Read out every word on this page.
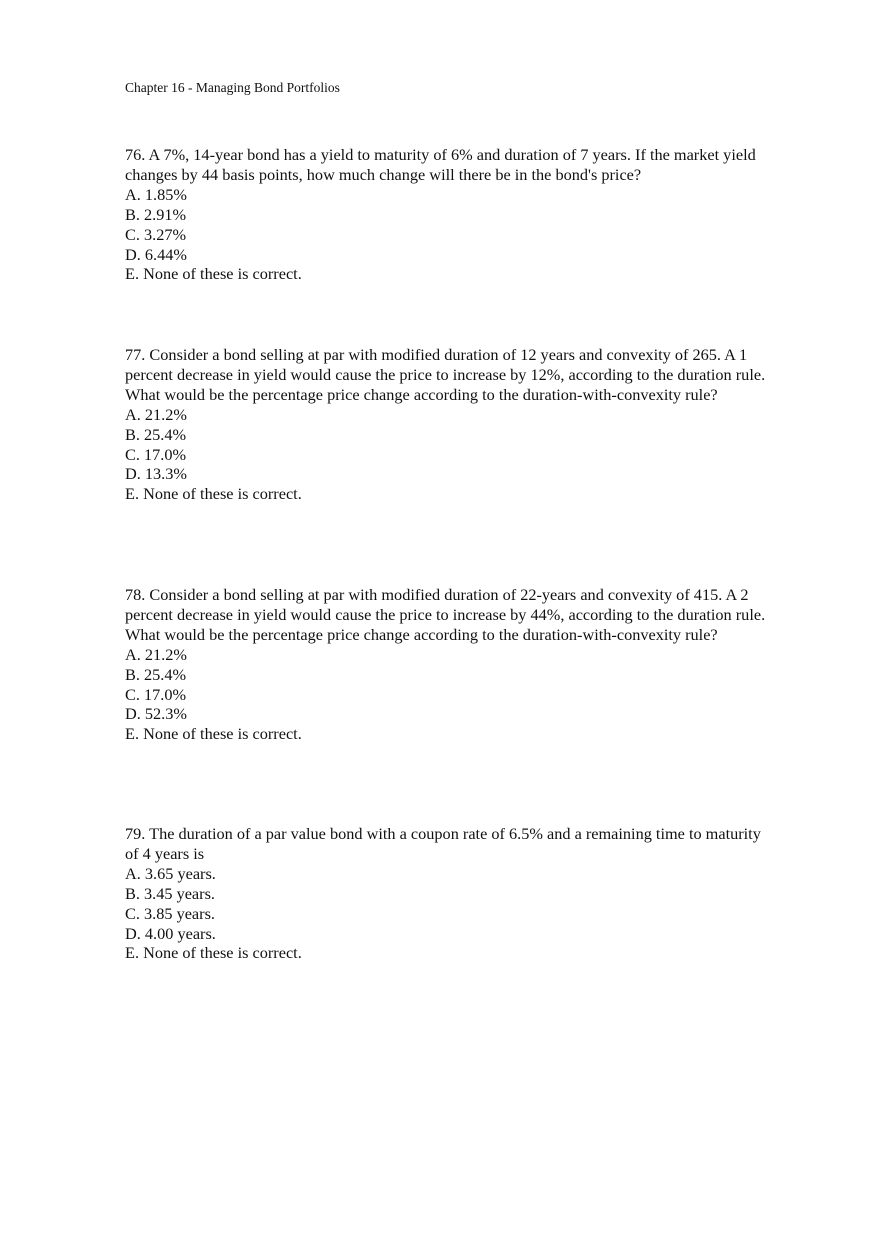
Chapter 16 - Managing Bond Portfolios

76. A 7%, 14-year bond has a yield to maturity of 6% and duration of 7 years. If the market yield changes by 44 basis points, how much change will there be in the bond's price?

A. 1.85%
B. 2.91%
C. 3.27%
D. 6.44%
E. None of these is correct.

77. Consider a bond selling at par with modified duration of 12 years and convexity of 265. A 1 percent decrease in yield would cause the price to increase by 12%, according to the duration rule. What would be the percentage price change according to the duration-with-convexity rule?

A. 21.2%
B. 25.4%
C. 17.0%
D. 13.3%
E. None of these is correct.

78. Consider a bond selling at par with modified duration of 22-years and convexity of 415. A 2 percent decrease in yield would cause the price to increase by 44%, according to the duration rule. What would be the percentage price change according to the duration-with-convexity rule?

A. 21.2%
B. 25.4%
C. 17.0%
D. 52.3%
E. None of these is correct.

79. The duration of a par value bond with a coupon rate of 6.5% and a remaining time to maturity of 4 years is

A. 3.65 years.
B. 3.45 years.
C. 3.85 years.
D. 4.00 years.
E. None of these is correct.
